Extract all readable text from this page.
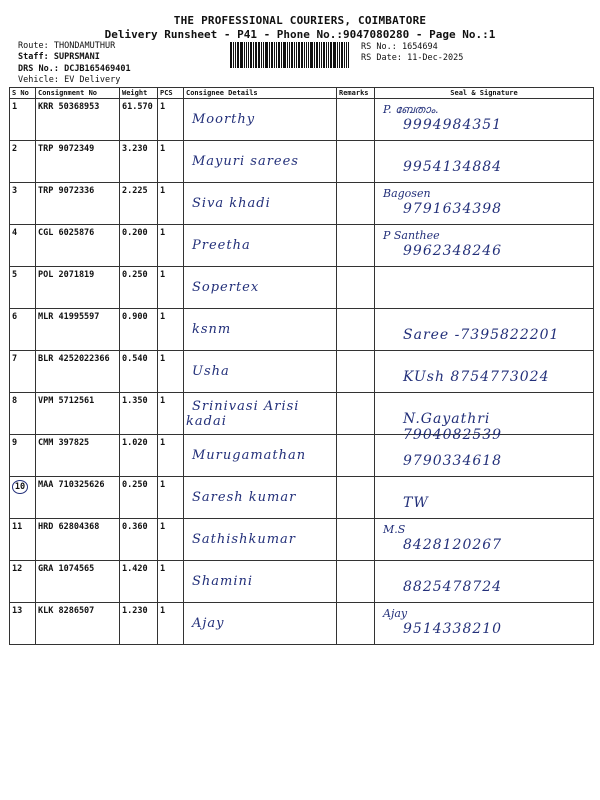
THE PROFESSIONAL COURIERS, COIMBATORE
Delivery Runsheet - P41 - Phone No.:9047080280 - Page No.:1
Route: THONDAMUTHUR
Staff: SUPRSMANI
DRS No.: DCJB165469401
Vehicle: EV Delivery
RS No.: 1654694
RS Date: 11-Dec-2025
S No	Consignment No	Weight	PCS	Consignee Details	Remarks	Seal & Signature
1	KRR 50368953	61.570	1	Moorthy		P. ബേതാം.
9994984351

2	TRP 9072349	3.230	1	Mayuri sarees		9954134884

3	TRP 9072336	2.225	1	Siva khadi		Bagosen
9791634398

4	CGL 6025876	0.200	1	Preetha		P Santhee
9962348246

5	POL 2071819	0.250	1	Sopertex		

6	MLR 41995597	0.900	1	ksnm		Saree -7395822201

7	BLR 4252022366	0.540	1	Usha		KUsh 8754773024

8	VPM 5712561	1.350	1	Srinivasi Arisi kadai		N.Gayathri 7904082539

9	CMM 397825	1.020	1	Murugamathan		9790334618

10	MAA 710325626	0.250	1	Saresh kumar		TW

11	HRD 62804368	0.360	1	Sathishkumar		M.S
8428120267

12	GRA 1074565	1.420	1	Shamini		8825478724

13	KLK 8286507	1.230	1	Ajay		Ajay
9514338210
